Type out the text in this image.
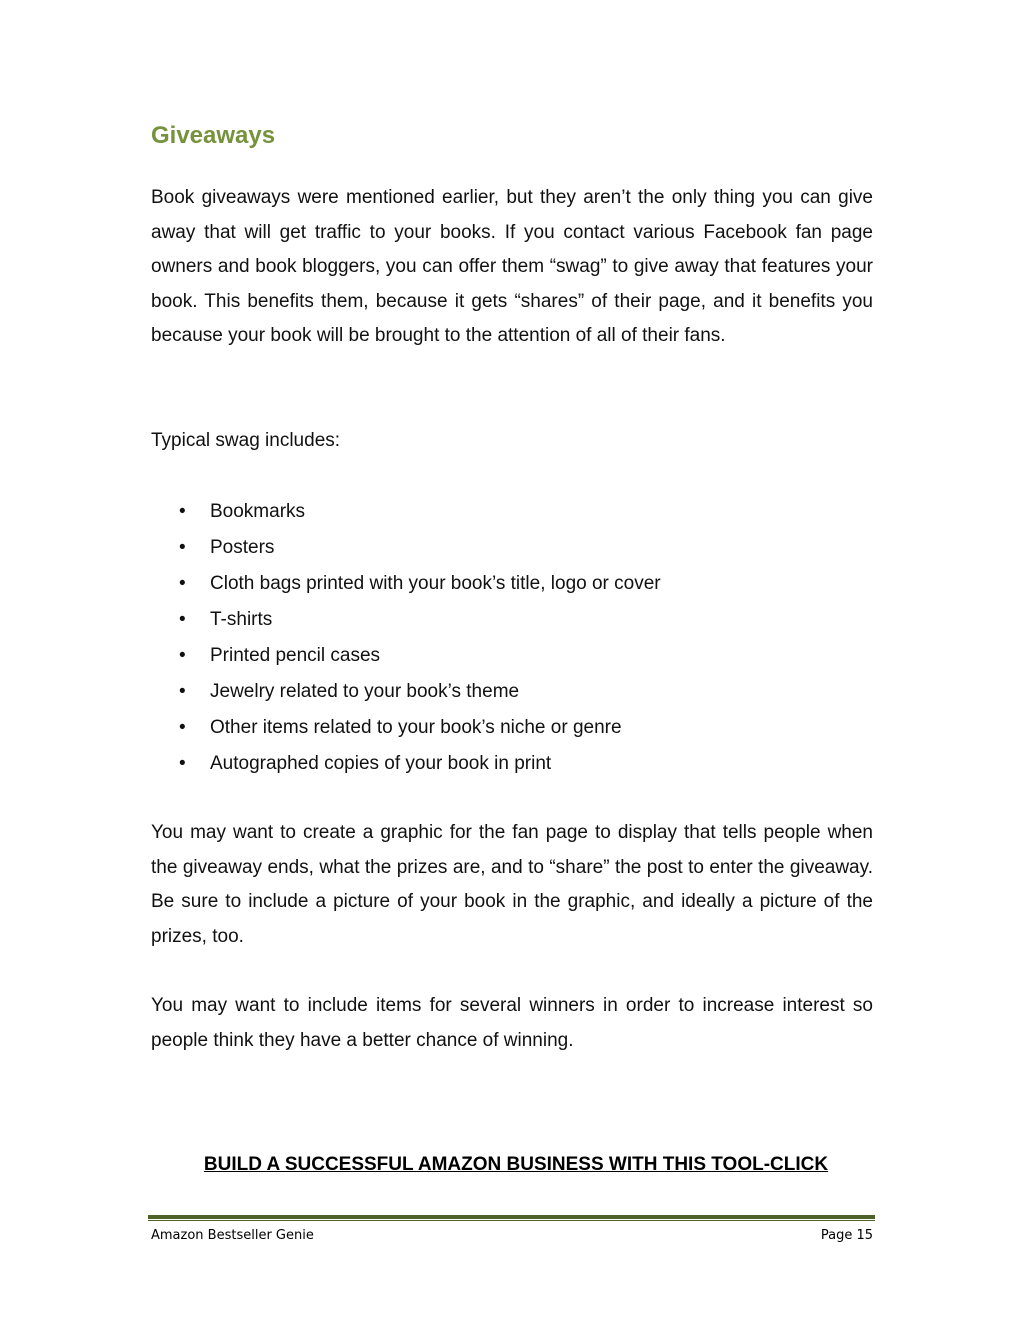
Giveaways

Book giveaways were mentioned earlier, but they aren’t the only thing you can give away that will get traffic to your books. If you contact various Facebook fan page owners and book bloggers, you can offer them “swag” to give away that features your book. This benefits them, because it gets “shares” of their page, and it benefits you because your book will be brought to the attention of all of their fans.

Typical swag includes:

• Bookmarks
• Posters
• Cloth bags printed with your book’s title, logo or cover
• T-shirts
• Printed pencil cases
• Jewelry related to your book’s theme
• Other items related to your book’s niche or genre
• Autographed copies of your book in print

You may want to create a graphic for the fan page to display that tells people when the giveaway ends, what the prizes are, and to “share” the post to enter the giveaway. Be sure to include a picture of your book in the graphic, and ideally a picture of the prizes, too.

You may want to include items for several winners in order to increase interest so people think they have a better chance of winning.

BUILD A SUCCESSFUL AMAZON BUSINESS WITH THIS TOOL-CLICK
Amazon Bestseller Genie	Page 15
